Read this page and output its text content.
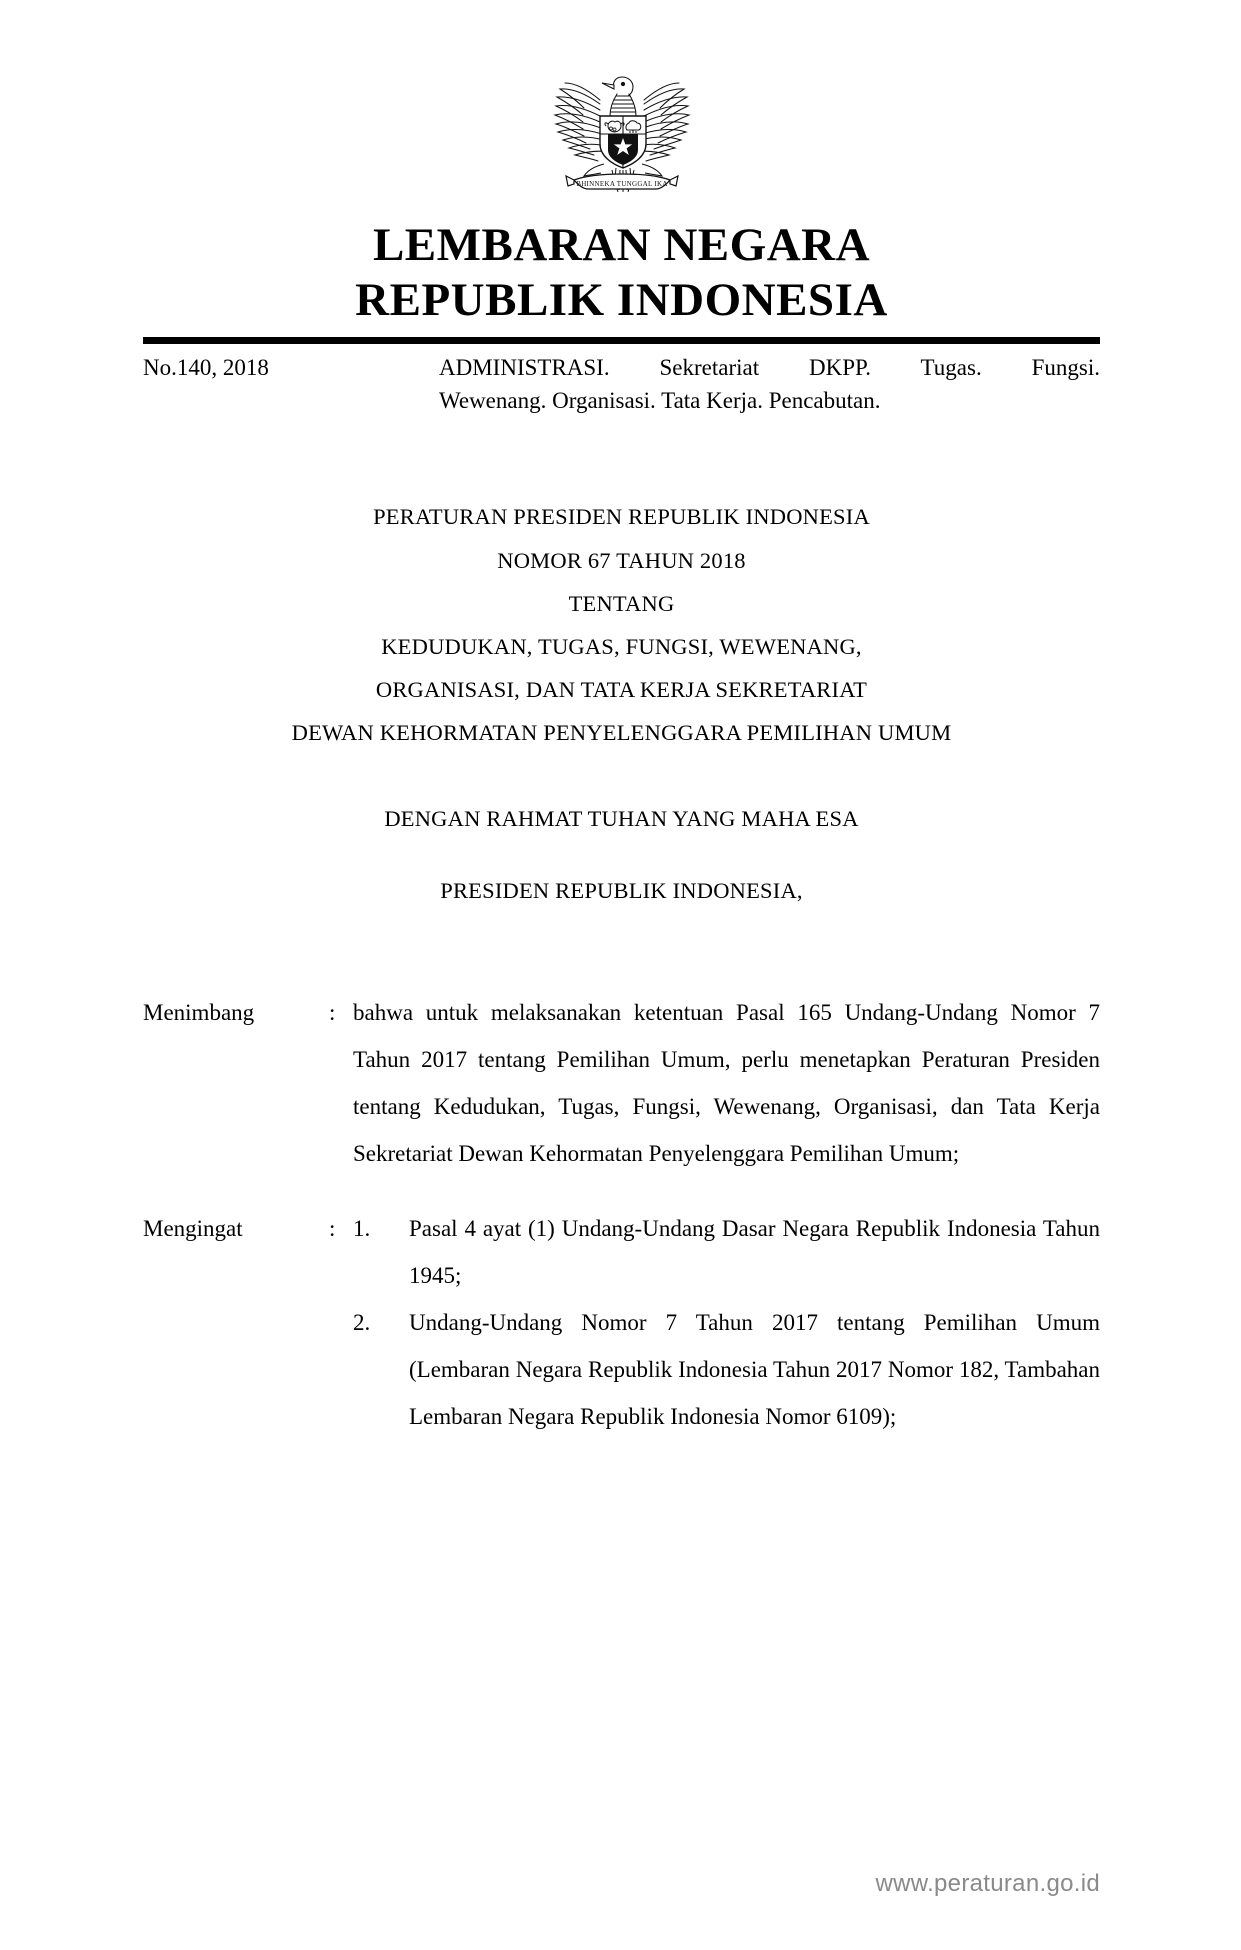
BHINNEKA TUNGGAL IKA
LEMBARAN NEGARA
REPUBLIK INDONESIA
No.140, 2018	ADMINISTRASI. Sekretariat DKPP. Tugas. Fungsi.
Wewenang. Organisasi. Tata Kerja. Pencabutan.
PERATURAN PRESIDEN REPUBLIK INDONESIA
NOMOR 67 TAHUN 2018
TENTANG
KEDUDUKAN, TUGAS, FUNGSI, WEWENANG,
ORGANISASI, DAN TATA KERJA SEKRETARIAT
DEWAN KEHORMATAN PENYELENGGARA PEMILIHAN UMUM
DENGAN RAHMAT TUHAN YANG MAHA ESA
PRESIDEN REPUBLIK INDONESIA,
Menimbang	: bahwa untuk melaksanakan ketentuan Pasal 165 Undang-Undang Nomor 7 Tahun 2017 tentang Pemilihan Umum, perlu menetapkan Peraturan Presiden tentang Kedudukan, Tugas, Fungsi, Wewenang, Organisasi, dan Tata Kerja Sekretariat Dewan Kehormatan Penyelenggara Pemilihan Umum;

Mengingat	: 1.	Pasal 4 ayat (1) Undang-Undang Dasar Negara Republik Indonesia Tahun 1945;
2.	Undang-Undang Nomor 7 Tahun 2017 tentang Pemilihan Umum (Lembaran Negara Republik Indonesia Tahun 2017 Nomor 182, Tambahan Lembaran Negara Republik Indonesia Nomor 6109);
www.peraturan.go.id
